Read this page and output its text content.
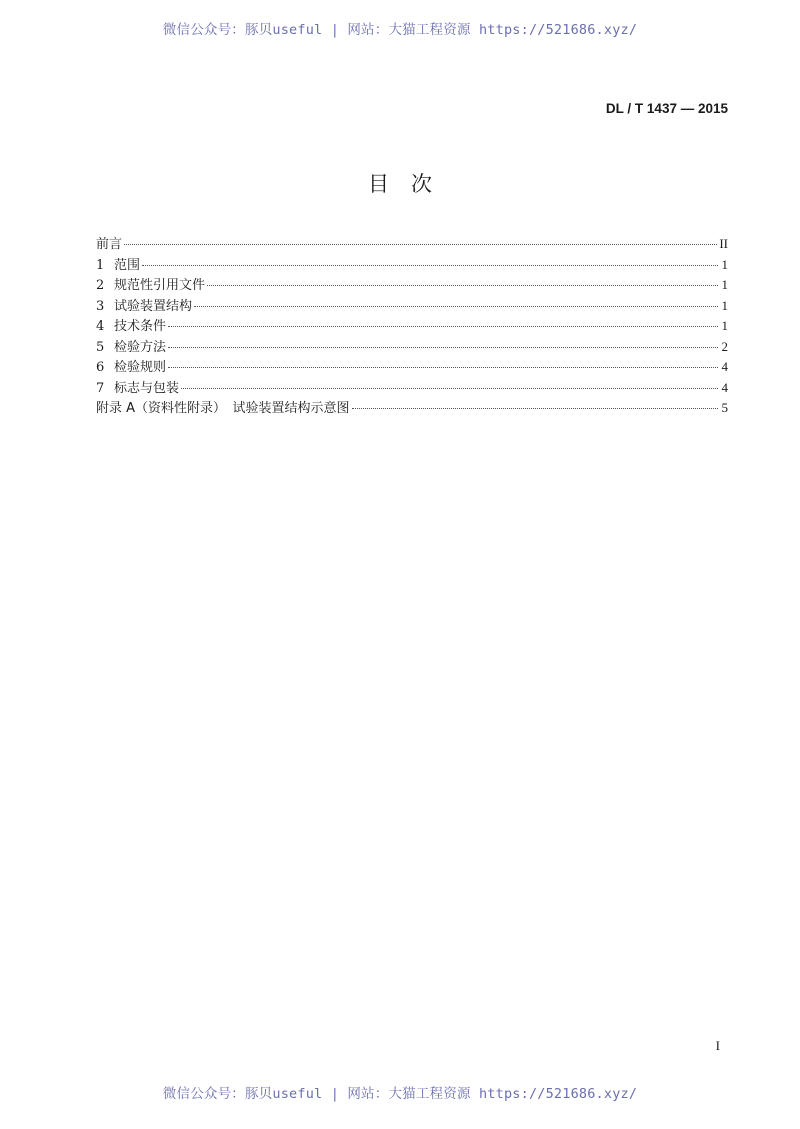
微信公众号：豚贝useful | 网站：大猫工程资源 https://521686.xyz/
DL / T 1437 — 2015
目次
前言	II
1 范围	1
2 规范性引用文件	1
3 试验装置结构	1
4 技术条件	1
5 检验方法	2
6 检验规则	4
7 标志与包装	4
附录 A（资料性附录）　试验装置结构示意图	5
I
微信公众号：豚贝useful | 网站：大猫工程资源 https://521686.xyz/
